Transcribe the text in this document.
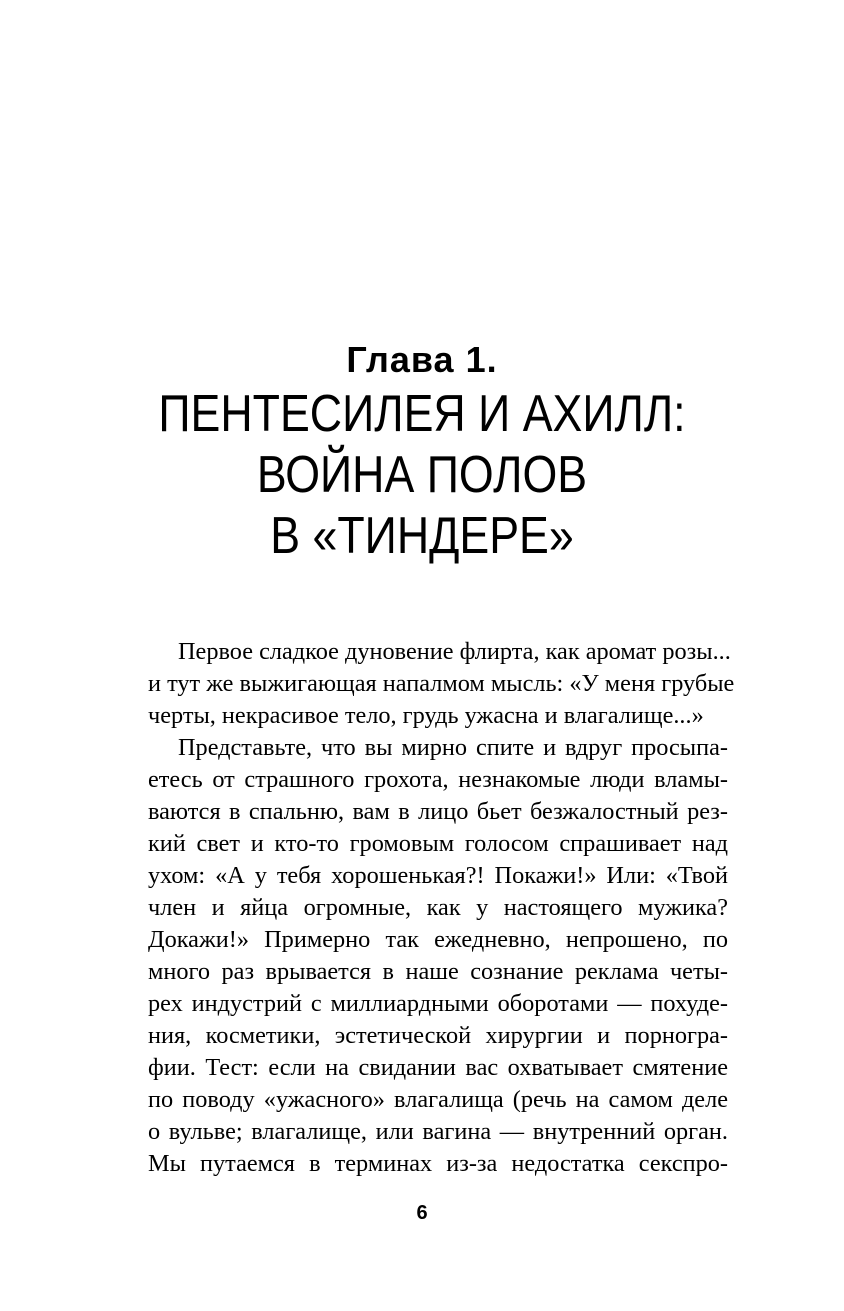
Глава 1.
ПЕНТЕСИЛЕЯ И АХИЛЛ:
ВОЙНА ПОЛОВ
В «ТИНДЕРЕ»

Первое сладкое дуновение флирта, как аромат розы...
и тут же выжигающая напалмом мысль: «У меня грубые
черты, некрасивое тело, грудь ужасна и влагалище...»

Представьте, что вы мирно спите и вдруг просыпа-
етесь от страшного грохота, незнакомые люди вламы-
ваются в спальню, вам в лицо бьет безжалостный рез-
кий свет и кто-то громовым голосом спрашивает над
ухом: «А у тебя хорошенькая?! Покажи!» Или: «Твой
член и яйца огромные, как у настоящего мужика?
Докажи!» Примерно так ежедневно, непрошено, по
много раз врывается в наше сознание реклама четы-
рех индустрий с миллиардными оборотами — похуде-
ния, косметики, эстетической хирургии и порногра-
фии. Тест: если на свидании вас охватывает смятение
по поводу «ужасного» влагалища (речь на самом деле
о вульве; влагалище, или вагина — внутренний орган.
Мы путаемся в терминах из-за недостатка секспро-

6
